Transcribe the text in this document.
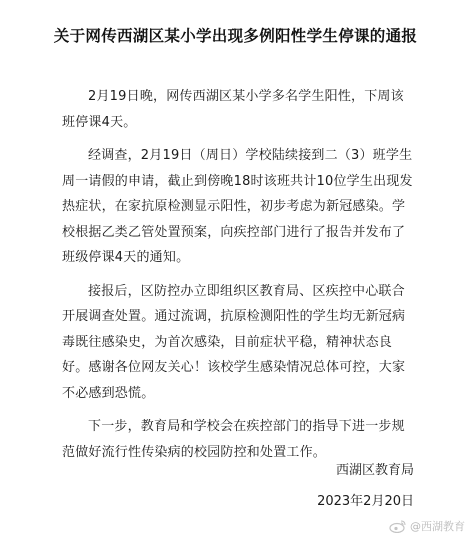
关于网传西湖区某小学出现多例阳性学生停课的通报

2月19日晚，网传西湖区某小学多名学生阳性，下周该班停课4天。

经调查，2月19日（周日）学校陆续接到二（3）班学生周一请假的申请，截止到傍晚18时该班共计10位学生出现发热症状，在家抗原检测显示阳性，初步考虑为新冠感染。学校根据乙类乙管处置预案，向疾控部门进行了报告并发布了班级停课4天的通知。

接报后，区防控办立即组织区教育局、区疾控中心联合开展调查处置。通过流调，抗原检测阳性的学生均无新冠病毒既往感染史，为首次感染，目前症状平稳，精神状态良好。感谢各位网友关心！该校学生感染情况总体可控，大家不必感到恐慌。

下一步，教育局和学校会在疾控部门的指导下进一步规范做好流行性传染病的校园防控和处置工作。

西湖区教育局
2023年2月20日
@西湖教育
